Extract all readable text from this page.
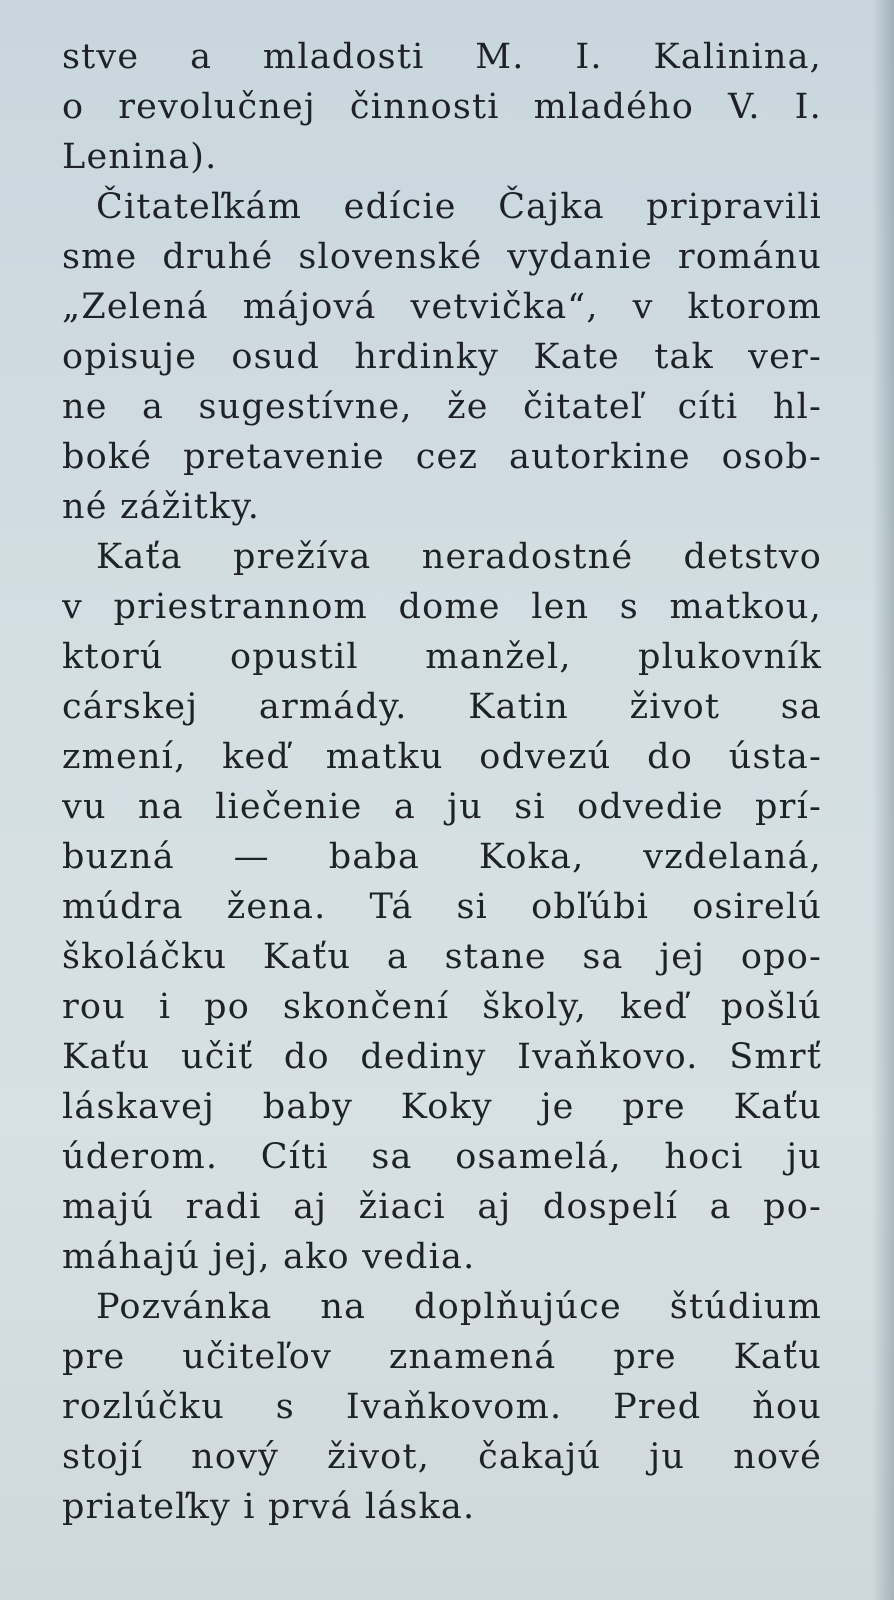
stve a mladosti M. I. Kalinina,
o revolučnej činnosti mladého V. I.
Lenina).
Čitateľkám edície Čajka pripravili
sme druhé slovenské vydanie románu
„Zelená májová vetvička“, v ktorom
opisuje osud hrdinky Kate tak ver-
ne a sugestívne, že čitateľ cíti hl-
boké pretavenie cez autorkine osob-
né zážitky.
Kaťa prežíva neradostné detstvo
v priestrannom dome len s matkou,
ktorú opustil manžel, plukovník
cárskej armády. Katin život sa
zmení, keď matku odvezú do ústa-
vu na liečenie a ju si odvedie prí-
buzná — baba Koka, vzdelaná,
múdra žena. Tá si obľúbi osirelú
školáčku Kaťu a stane sa jej opo-
rou i po skončení školy, keď pošlú
Kaťu učiť do dediny Ivaňkovo. Smrť
láskavej baby Koky je pre Kaťu
úderom. Cíti sa osamelá, hoci ju
majú radi aj žiaci aj dospelí a po-
máhajú jej, ako vedia.
Pozvánka na doplňujúce štúdium
pre učiteľov znamená pre Kaťu
rozlúčku s Ivaňkovom. Pred ňou
stojí nový život, čakajú ju nové
priateľky i prvá láska.
